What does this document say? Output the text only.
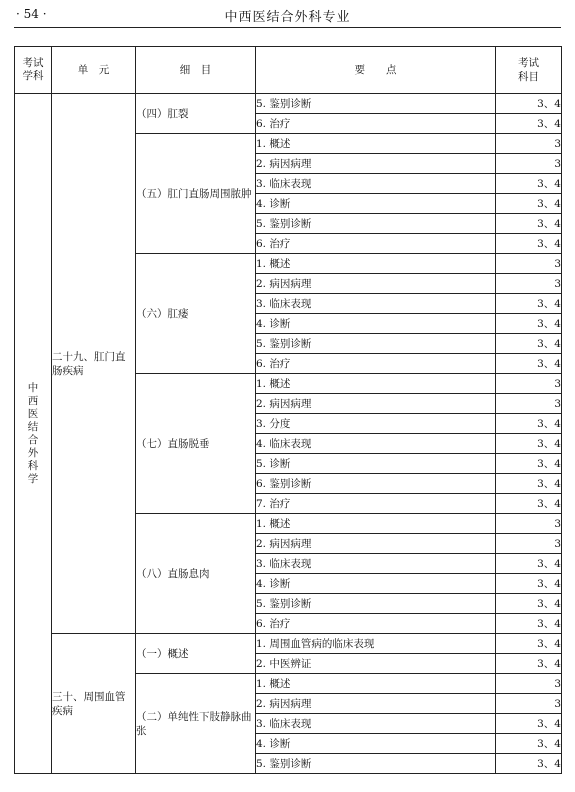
· 54 ·	中西医结合外科专业
考试学科	单　元	细　目	要　　点	考试科目
中西医结合外科学	二十九、肛门直肠疾病	（四）肛裂	5. 鉴别诊断	3、4
			6. 治疗	3、4
		（五）肛门直肠周围脓肿	1. 概述	3
			2. 病因病理	3
			3. 临床表现	3、4
			4. 诊断	3、4
			5. 鉴别诊断	3、4
			6. 治疗	3、4
		（六）肛瘘	1. 概述	3
			2. 病因病理	3
			3. 临床表现	3、4
			4. 诊断	3、4
			5. 鉴别诊断	3、4
			6. 治疗	3、4
		（七）直肠脱垂	1. 概述	3
			2. 病因病理	3
			3. 分度	3、4
			4. 临床表现	3、4
			5. 诊断	3、4
			6. 鉴别诊断	3、4
			7. 治疗	3、4
		（八）直肠息肉	1. 概述	3
			2. 病因病理	3
			3. 临床表现	3、4
			4. 诊断	3、4
			5. 鉴别诊断	3、4
			6. 治疗	3、4
	三十、周围血管疾病	（一）概述	1. 周围血管病的临床表现	3、4
			2. 中医辨证	3、4
		（二）单纯性下肢静脉曲张	1. 概述	3
			2. 病因病理	3
			3. 临床表现	3、4
			4. 诊断	3、4
			5. 鉴别诊断	3、4
